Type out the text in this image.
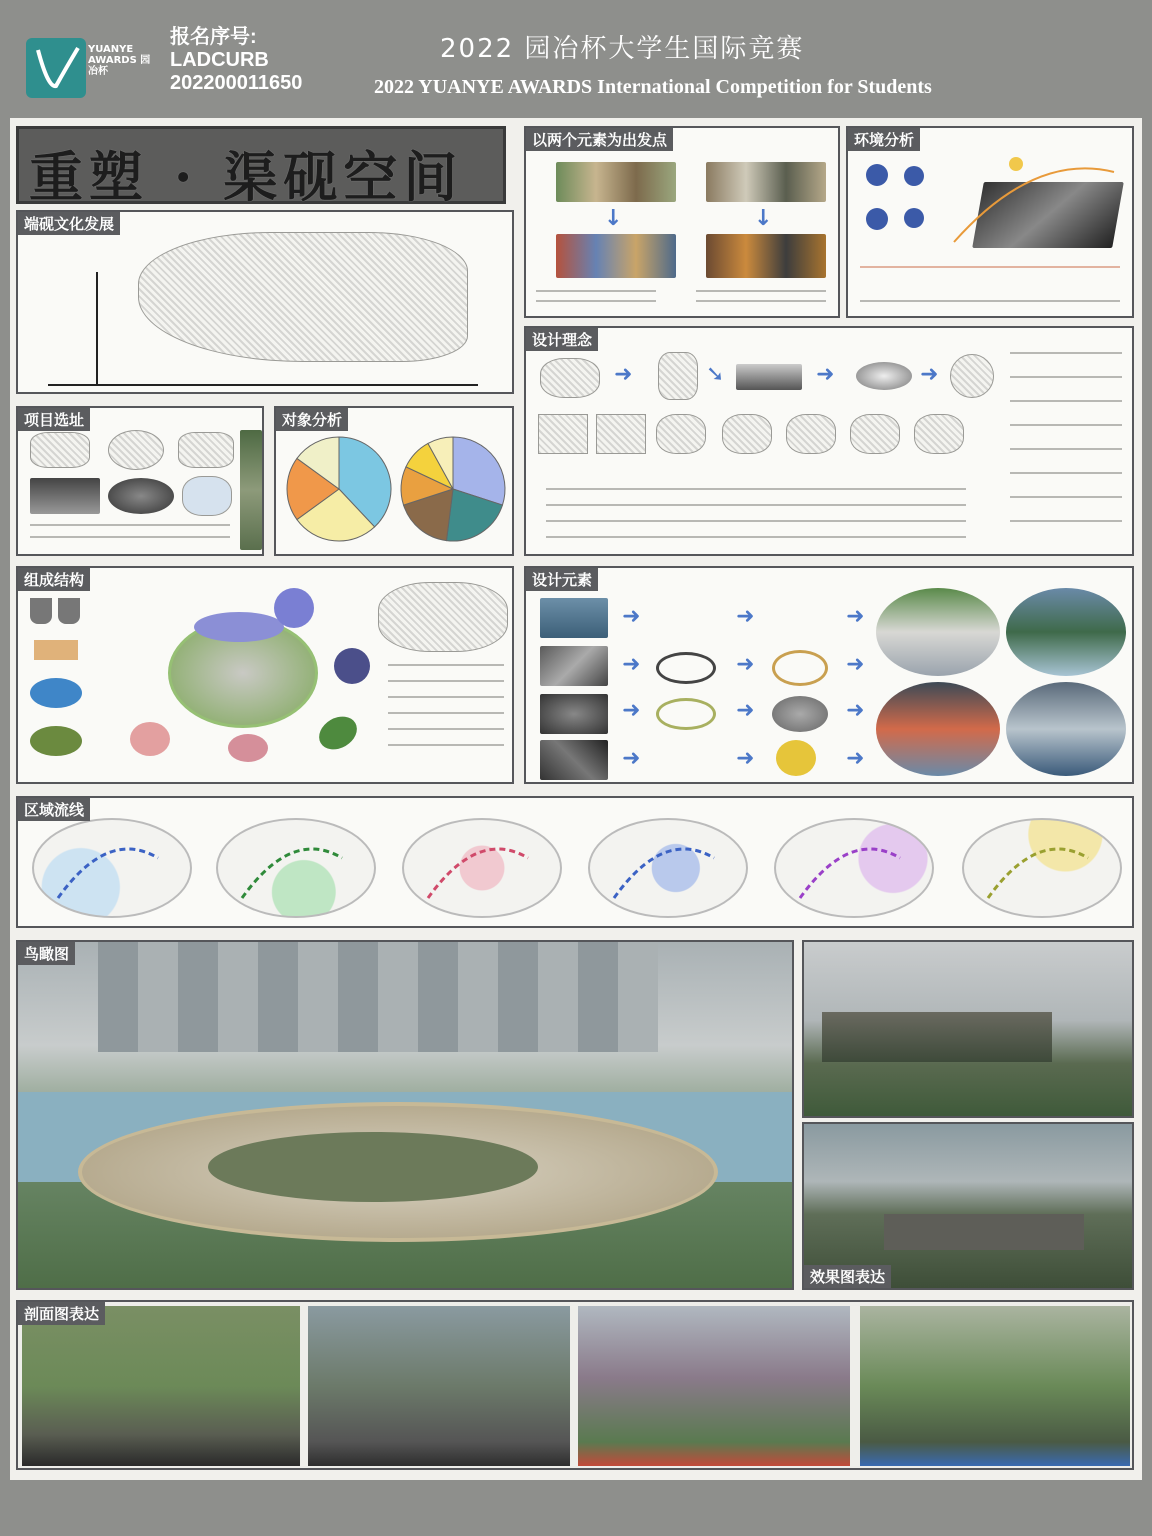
YUANYE AWARDS 园冶杯
报名序号:
LADCURB
202200011650
2022 园冶杯大学生国际竞赛
2022 YUANYE AWARDS International Competition for Students
重塑 · 渠砚空间
端砚文化发展
以两个元素为出发点
↓	↓
环境分析
设计理念
➜	➘	➜	➜
项目选址	对象分析
组成结构	设计元素
➜
➜
➜
➜
➜
➜
➜
➜
➜
➜
➜
➜
区域流线
鸟瞰图
效果图表达
剖面图表达
